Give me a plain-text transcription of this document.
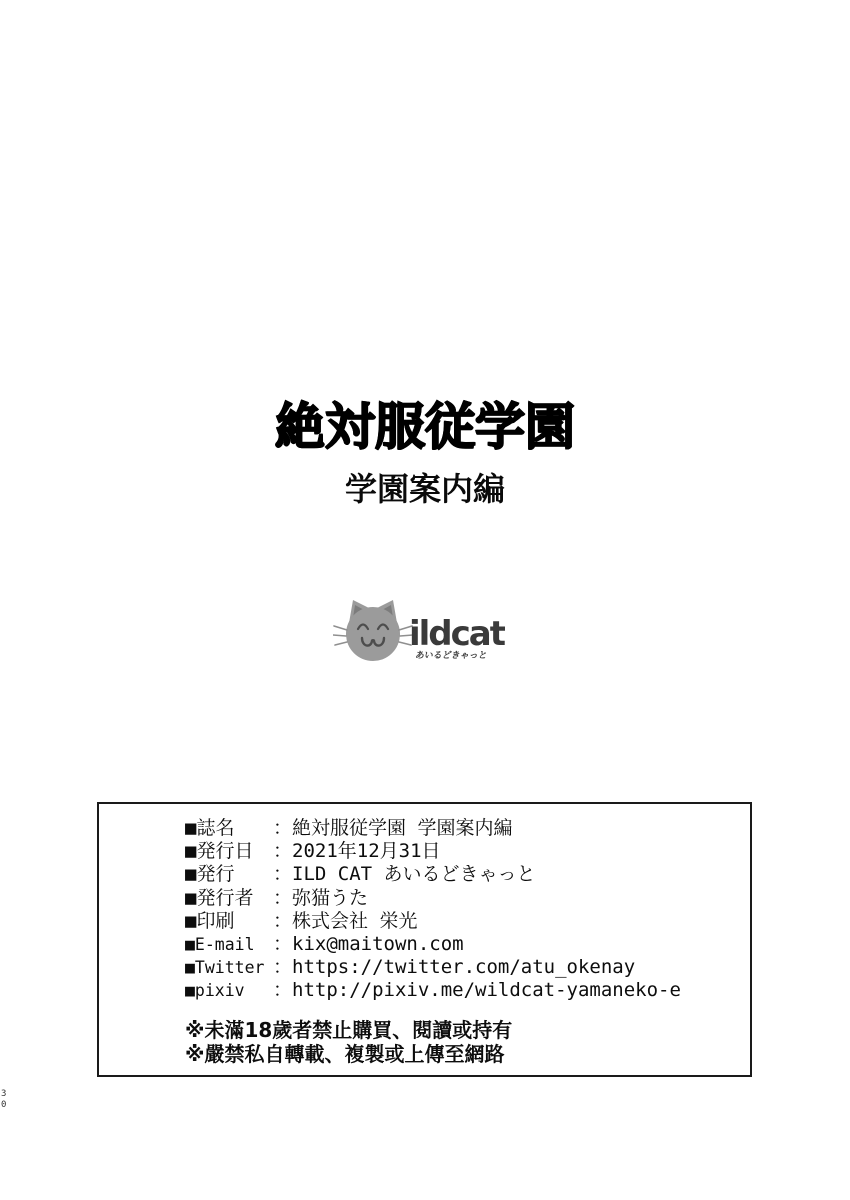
絶対服従学園
学園案内編
ildcat
あいるどきゃっと
■誌名	： 絶対服従学園 学園案内編
■発行日	： 2021年12月31日
■発行	： ILD CAT あいるどきゃっと
■発行者	： 弥猫うた
■印刷	： 株式会社 栄光
■E-mail ： kix@maitown.com
■Twitter ： https://twitter.com/atu_okenay
■pixiv	： http://pixiv.me/wildcat-yamaneko-e
※未滿18歲者禁止購買、閱讀或持有
※嚴禁私自轉載、複製或上傳至網路
30
